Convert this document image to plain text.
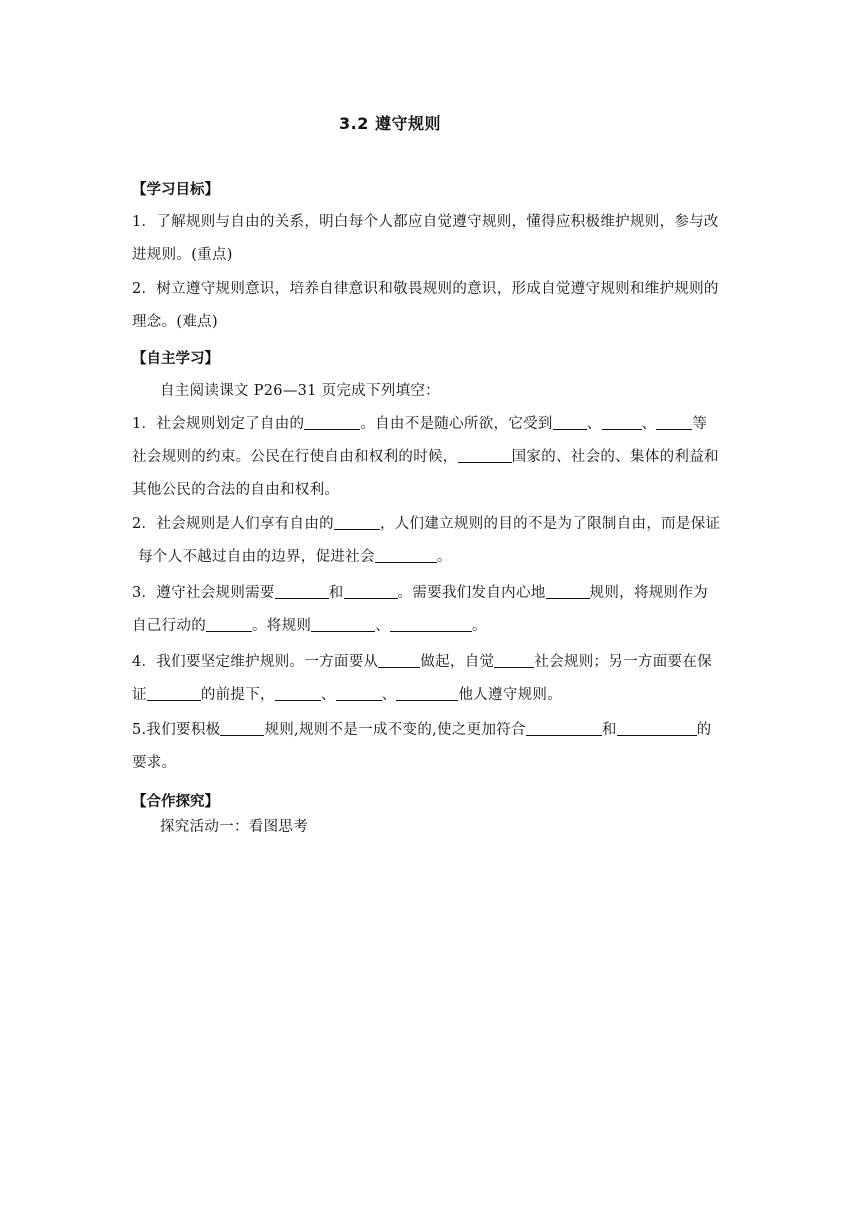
3.2 遵守规则
【学习目标】
1．了解规则与自由的关系，明白每个人都应自觉遵守规则，懂得应积极维护规则，参与改
进规则。(重点)
2．树立遵守规则意识，培养自律意识和敬畏规则的意识，形成自觉遵守规则和维护规则的
理念。(难点)
【自主学习】
自主阅读课文 P26—31 页完成下列填空：
1．社会规则划定了自由的	。自由不是随心所欲，它受到 、	、 等
社会规则的约束。公民在行使自由和权利的时候，	国家的、社会的、集体的利益和
其他公民的合法的自由和权利。
2．社会规则是人们享有自由的	，人们建立规则的目的不是为了限制自由，而是保证
每个人不越过自由的边界，促进社会	。
3．遵守社会规则需要	和	。需要我们发自内心地	规则，将规则作为
自己行动的	。将规则	、	。
4．我们要坚定维护规则。一方面要从	做起，自觉	社会规则；另一方面要在保
证	的前提下，	、	、	他人遵守规则。
5.我们要积极	规则,规则不是一成不变的,使之更加符合	和	的
要求。
【合作探究】
探究活动一：看图思考
